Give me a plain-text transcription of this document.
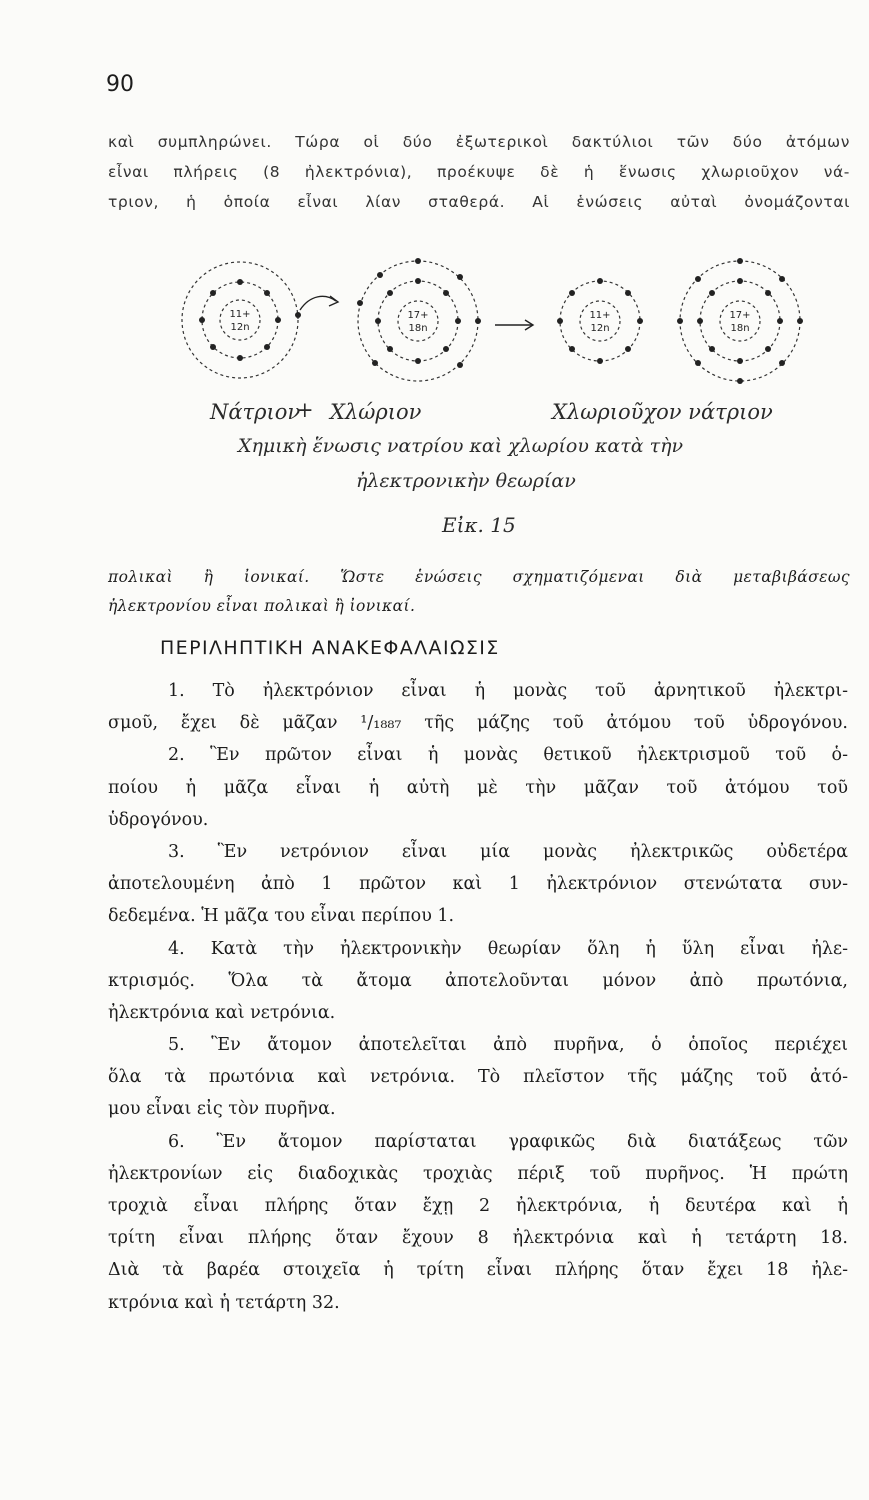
90
καὶ συμπληρώνει. Τώρα οἱ δύο ἐξωτερικοὶ δακτύλιοι τῶν δύο ἀτόμων
εἶναι πλήρεις (8 ἠλεκτρόνια), προέκυψε δὲ ἡ ἕνωσις χλωριοῦχον νά-
τριον, ἡ ὁποία εἶναι λίαν σταθερά. Αἱ ἑνώσεις αὐταὶ ὀνομάζονται
11+
12n
17+
18n
11+
12n
17+
18n
Νάτριον
+ Χλώριον	Χλωριοῦχον νάτριον
Χημικὴ ἕνωσις νατρίου καὶ χλωρίου κατὰ τὴν
ἠλεκτρονικὴν θεωρίαν
Εἰκ. 15
πολικαὶ ἢ ἰονικαί. Ὥστε ἑνώσεις σχηματιζόμεναι διὰ μεταβιβάσεως
ἠλεκτρονίου εἶναι πολικαὶ ἢ ἰονικαί.
ΠΕΡΙΛΗΠΤΙΚΗ ΑΝΑΚΕΦΑΛΑΙΩΣΙΣ
1. Τὸ ἠλεκτρόνιον εἶναι ἡ μονὰς τοῦ ἀρνητικοῦ ἠλεκτρι-
σμοῦ, ἔχει δὲ μᾶζαν ¹/₁₈₈₇ τῆς μάζης τοῦ ἀτόμου τοῦ ὑδρογόνου.
2. Ἓν πρῶτον εἶναι ἡ μονὰς θετικοῦ ἠλεκτρισμοῦ τοῦ ὁ-
ποίου ἡ μᾶζα εἶναι ἡ αὐτὴ μὲ τὴν μᾶζαν τοῦ ἀτόμου τοῦ
ὑδρογόνου.
3. Ἓν νετρόνιον εἶναι μία μονὰς ἠλεκτρικῶς οὐδετέρα
ἀποτελουμένη ἀπὸ 1 πρῶτον καὶ 1 ἠλεκτρόνιον στενώτατα συν-
δεδεμένα. Ἡ μᾶζα του εἶναι περίπου 1.
4. Κατὰ τὴν ἠλεκτρονικὴν θεωρίαν ὅλη ἡ ὕλη εἶναι ἠλε-
κτρισμός. Ὅλα τὰ ἄτομα ἀποτελοῦνται μόνον ἀπὸ πρωτόνια,
ἠλεκτρόνια καὶ νετρόνια.
5. Ἓν ἄτομον ἀποτελεῖται ἀπὸ πυρῆνα, ὁ ὁποῖος περιέχει
ὅλα τὰ πρωτόνια καὶ νετρόνια. Τὸ πλεῖστον τῆς μάζης τοῦ ἀτό-
μου εἶναι εἰς τὸν πυρῆνα.
6. Ἓν ἄτομον παρίσταται γραφικῶς διὰ διατάξεως τῶν
ἠλεκτρονίων εἰς διαδοχικὰς τροχιὰς πέριξ τοῦ πυρῆνος. Ἡ πρώτη
τροχιὰ εἶναι πλήρης ὅταν ἔχῃ 2 ἠλεκτρόνια, ἡ δευτέρα καὶ ἡ
τρίτη εἶναι πλήρης ὅταν ἔχουν 8 ἠλεκτρόνια καὶ ἡ τετάρτη 18.
Διὰ τὰ βαρέα στοιχεῖα ἡ τρίτη εἶναι πλήρης ὅταν ἔχει 18 ἠλε-
κτρόνια καὶ ἡ τετάρτη 32.
